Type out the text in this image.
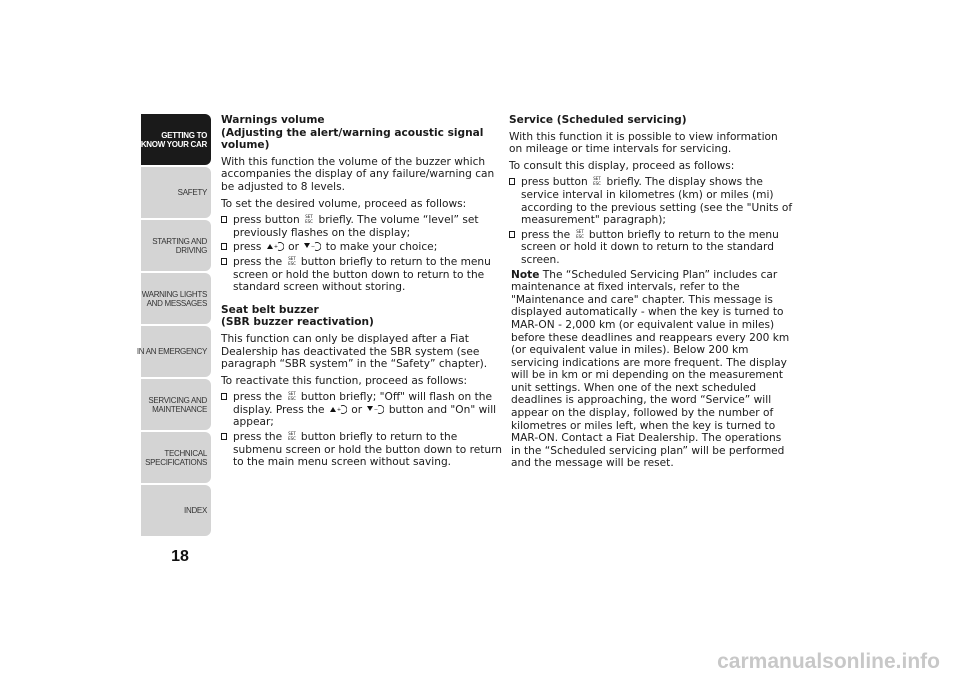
GETTING TO
KNOW YOUR CAR
SAFETY
STARTING AND
DRIVING
WARNING LIGHTS
AND MESSAGES
IN AN EMERGENCY
SERVICING AND
MAINTENANCE
TECHNICAL
SPECIFICATIONS
INDEX
18

Warnings volume

(Adjusting the alert/warning acoustic signal volume)

With this function the volume of the buzzer which accompanies the display of any failure/warning can be adjusted to 8 levels.

To set the desired volume, proceed as follows:

press button briefly. The volume “level” set previously flashes on the display;
press	or	to make your choice;
press the button briefly to return to the menu screen or hold the button down to return to the standard screen without storing.

Seat belt buzzer

(SBR buzzer reactivation)

This function can only be displayed after a Fiat Dealership has deactivated the SBR system (see paragraph “SBR system” in the “Safety” chapter).

To reactivate this function, proceed as follows:

press the button briefly; "Off" will flash on the display. Press the	or	button and "On" will appear;
press the button briefly to return to the submenu screen or hold the button down to return to the main menu screen without saving.

Service (Scheduled servicing)

With this function it is possible to view information on mileage or time intervals for servicing.

To consult this display, proceed as follows:

press button briefly. The display shows the service interval in kilometres (km) or miles (mi) according to the previous setting (see the "Units of measurement" paragraph);
press the button briefly to return to the menu screen or hold it down to return to the standard screen.

Note The “Scheduled Servicing Plan” includes car maintenance at fixed intervals, refer to the "Maintenance and care" chapter. This message is displayed automatically - when the key is turned to MAR-ON - 2,000 km (or equivalent value in miles) before these deadlines and reappears every 200 km (or equivalent value in miles). Below 200 km servicing indications are more frequent. The display will be in km or mi depending on the measurement unit settings. When one of the next scheduled deadlines is approaching, the word “Service” will appear on the display, followed by the number of kilometres or miles left, when the key is turned to MAR-ON. Contact a Fiat Dealership. The operations in the “Scheduled servicing plan” will be performed and the message will be reset.

carmanualsonline.info
